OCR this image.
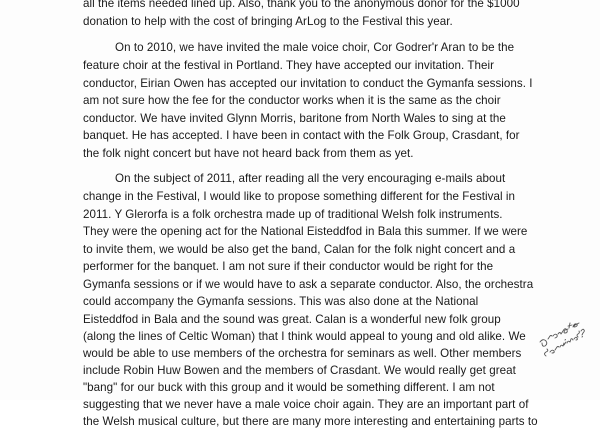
all the items needed lined up. Also, thank you to the anonymous donor for the $1000
donation to help with the cost of bringing ArLog to the Festival this year.
On to 2010, we have invited the male voice choir, Cor Godrer'r Aran to be the
feature choir at the festival in Portland. They have accepted our invitation. Their
conductor, Eirian Owen has accepted our invitation to conduct the Gymanfa sessions. I
am not sure how the fee for the conductor works when it is the same as the choir
conductor. We have invited Glynn Morris, baritone from North Wales to sing at the
banquet. He has accepted. I have been in contact with the Folk Group, Crasdant, for
the folk night concert but have not heard back from them as yet.
On the subject of 2011, after reading all the very encouraging e-mails about
change in the Festival, I would like to propose something different for the Festival in
2011. Y Glerorfa is a folk orchestra made up of traditional Welsh folk instruments.
They were the opening act for the National Eisteddfod in Bala this summer. If we were
to invite them, we would be also get the band, Calan for the folk night concert and a
performer for the banquet. I am not sure if their conductor would be right for the
Gymanfa sessions or if we would have to ask a separate conductor. Also, the orchestra
could accompany the Gymanfa sessions. This was also done at the National
Eisteddfod in Bala and the sound was great. Calan is a wonderful new folk group
(along the lines of Celtic Woman) that I think would appeal to young and old alike. We
would be able to use members of the orchestra for seminars as well. Other members
include Robin Huw Bowen and the members of Crasdant. We would really get great
"bang" for our buck with this group and it would be something different. I am not
suggesting that we never have a male voice choir again. They are an important part of
the Welsh musical culture, but there are many more interesting and entertaining parts to
